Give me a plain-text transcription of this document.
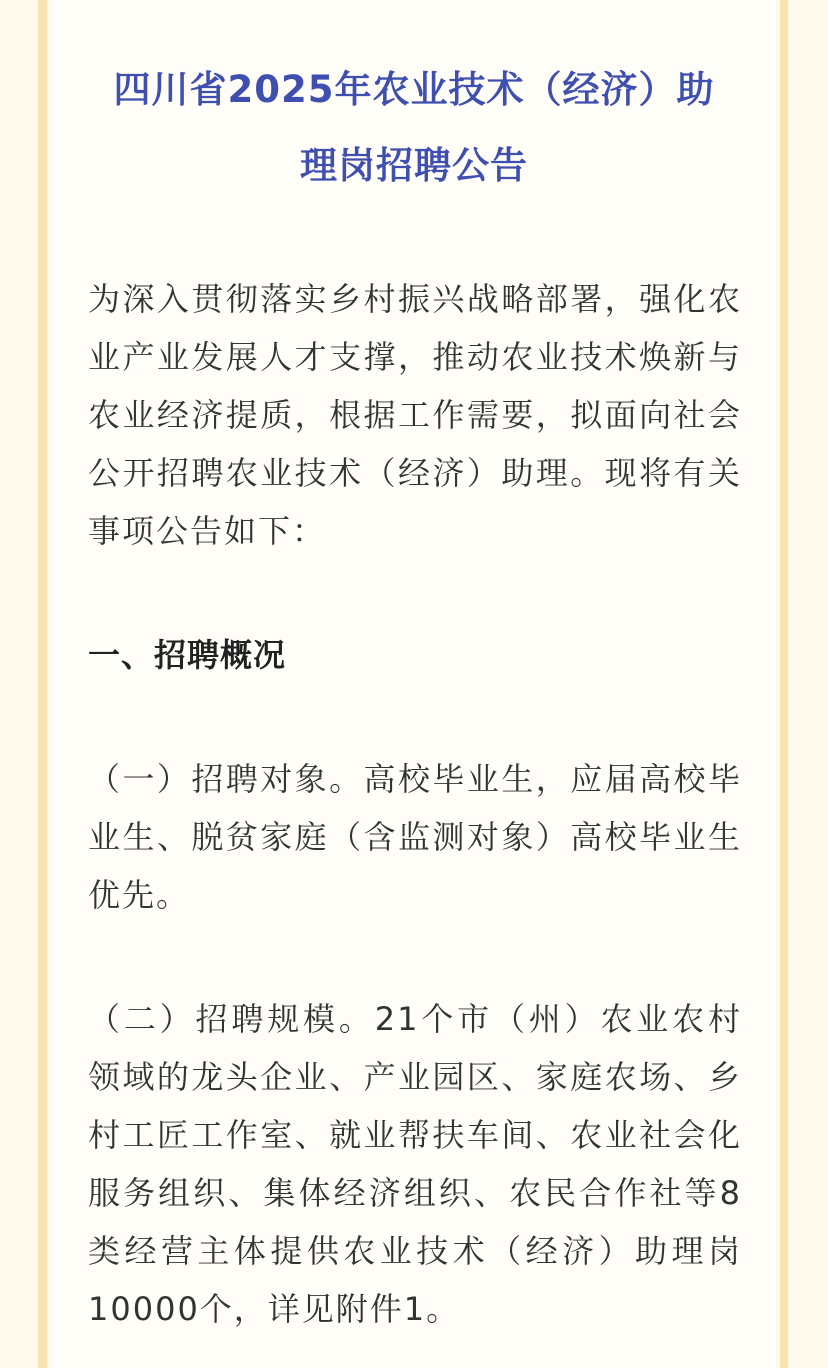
四川省2025年农业技术（经济）助
理岗招聘公告

为深入贯彻落实乡村振兴战略部署，强化农业产业发展人才支撑，推动农业技术焕新与农业经济提质，根据工作需要，拟面向社会公开招聘农业技术（经济）助理。现将有关事项公告如下：

一、招聘概况

（一）招聘对象。高校毕业生，应届高校毕业生、脱贫家庭（含监测对象）高校毕业生优先。

（二）招聘规模。21个市（州）农业农村领域的龙头企业、产业园区、家庭农场、乡村工匠工作室、就业帮扶车间、农业社会化服务组织、集体经济组织、农民合作社等8类经营主体提供农业技术（经济）助理岗10000个，详见附件1。
